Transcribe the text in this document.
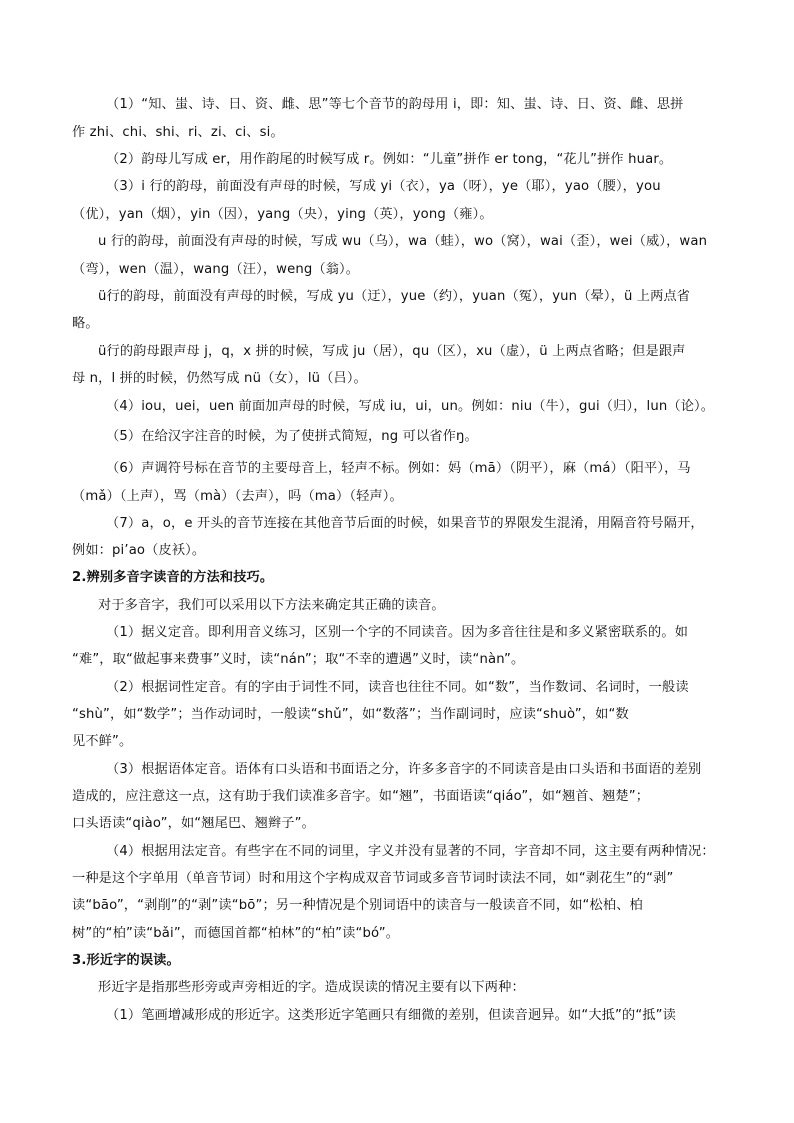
（1）“知、蚩、诗、日、资、雌、思”等七个音节的韵母用 i，即：知、蚩、诗、日、资、雌、思拼
作 zhi、chi、shi、ri、zi、ci、si。
（2）韵母儿写成 er，用作韵尾的时候写成 r。例如：“儿童”拼作 er tong，“花儿”拼作 huar。
（3）i 行的韵母，前面没有声母的时候，写成 yi（衣），ya（呀），ye（耶），yao（腰），you
（优），yan（烟），yin（因），yang（央），ying（英），yong（雍）。
u 行的韵母，前面没有声母的时候，写成 wu（乌），wa（蛙），wo（窝），wai（歪），wei（威），wan
（弯），wen（温），wang（汪），weng（翁）。
ü行的韵母，前面没有声母的时候，写成 yu（迂），yue（约），yuan（冤），yun（晕），ü 上两点省
略。
ü行的韵母跟声母 j，q，x 拼的时候，写成 ju（居），qu（区），xu（虚），ü 上两点省略；但是跟声
母 n，l 拼的时候，仍然写成 nü（女），lü（吕）。
（4）iou，uei，uen 前面加声母的时候，写成 iu，ui，un。例如：niu（牛），gui（归），lun（论）。
（5）在给汉字注音的时候，为了使拼式简短，ng 可以省作ŋ。
（6）声调符号标在音节的主要母音上，轻声不标。例如：妈（mā）（阴平），麻（má）（阳平），马
（mǎ）（上声），骂（mà）（去声），吗（ma）（轻声）。
（7）a，o，e 开头的音节连接在其他音节后面的时候，如果音节的界限发生混淆，用隔音符号隔开，
例如：pi’ao（皮袄）。
2.辨别多音字读音的方法和技巧。
对于多音字，我们可以采用以下方法来确定其正确的读音。
（1）据义定音。即利用音义练习，区别一个字的不同读音。因为多音往往是和多义紧密联系的。如
“难”，取“做起事来费事”义时，读“nán”；取“不幸的遭遇”义时，读“nàn”。
（2）根据词性定音。有的字由于词性不同，读音也往往不同。如“数”，当作数词、名词时，一般读
“shù”，如“数学”；当作动词时，一般读“shǔ”，如“数落”；当作副词时，应读“shuò”，如“数
见不鲜”。
（3）根据语体定音。语体有口头语和书面语之分，许多多音字的不同读音是由口头语和书面语的差别
造成的，应注意这一点，这有助于我们读准多音字。如“翘”，书面语读“qiáo”，如“翘首、翘楚”；
口头语读“qiào”，如“翘尾巴、翘辫子”。
（4）根据用法定音。有些字在不同的词里，字义并没有显著的不同，字音却不同，这主要有两种情况：
一种是这个字单用（单音节词）时和用这个字构成双音节词或多音节词时读法不同，如“剥花生”的“剥”
读“bāo”，“剥削”的“剥”读“bō”；另一种情况是个别词语中的读音与一般读音不同，如“松柏、柏
树”的“柏”读“bǎi”，而德国首都“柏林”的“柏”读“bó”。
3.形近字的误读。
形近字是指那些形旁或声旁相近的字。造成误读的情况主要有以下两种：
（1）笔画增减形成的形近字。这类形近字笔画只有细微的差别，但读音迥异。如“大抵”的“抵”读
